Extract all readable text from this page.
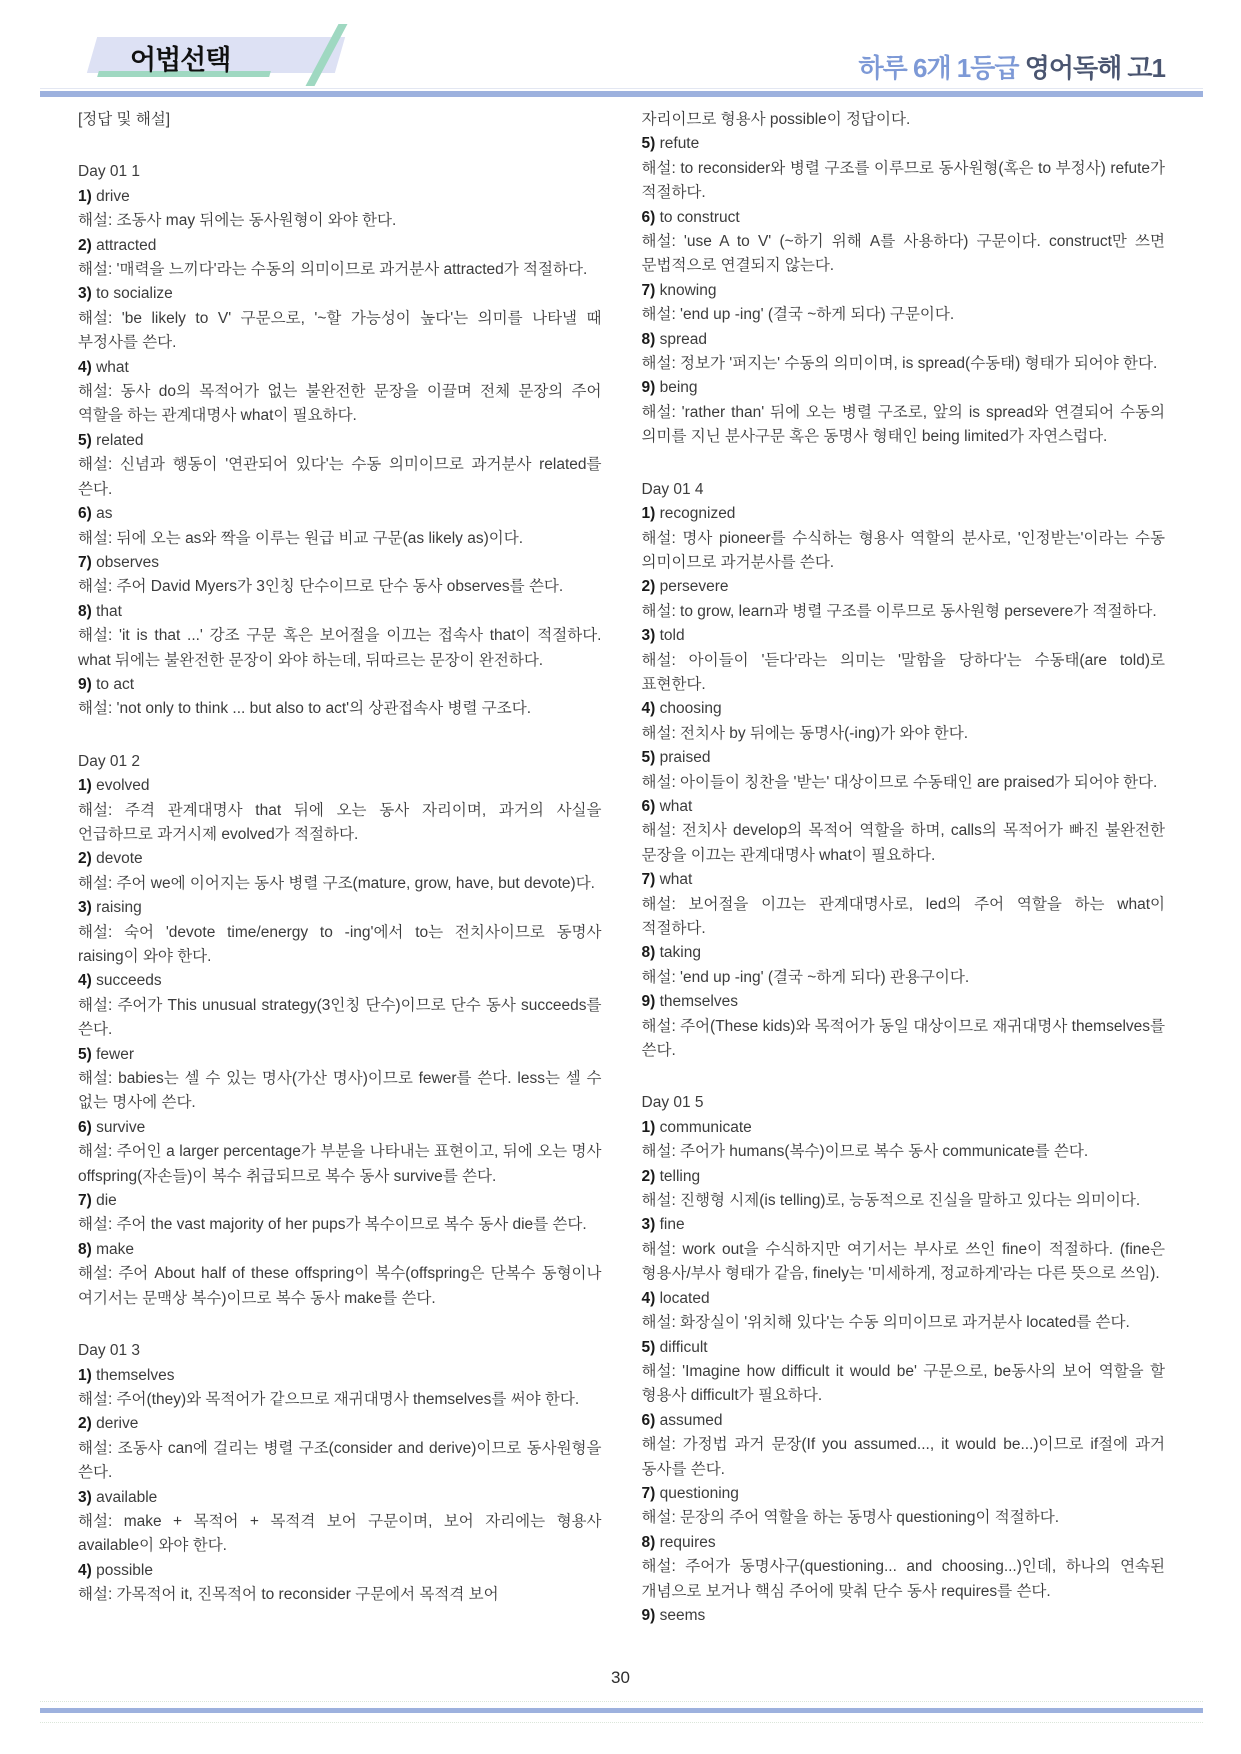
어법선택	하루 6개 1등급 영어독해 고1

[정답 및 해설]

Day 01 1

1) drive

해설: 조동사 may 뒤에는 동사원형이 와야 한다.

2) attracted

해설: '매력을 느끼다'라는 수동의 의미이므로 과거분사 attracted가 적절하다.

3) to socialize

해설: 'be likely to V' 구문으로, '~할 가능성이 높다'는 의미를 나타낼 때 부정사를 쓴다.

4) what

해설: 동사 do의 목적어가 없는 불완전한 문장을 이끌며 전체 문장의 주어 역할을 하는 관계대명사 what이 필요하다.

5) related

해설: 신념과 행동이 '연관되어 있다'는 수동 의미이므로 과거분사 related를 쓴다.

6) as

해설: 뒤에 오는 as와 짝을 이루는 원급 비교 구문(as likely as)이다.

7) observes

해설: 주어 David Myers가 3인칭 단수이므로 단수 동사 observes를 쓴다.

8) that

해설: 'it is that ...' 강조 구문 혹은 보어절을 이끄는 접속사 that이 적절하다. what 뒤에는 불완전한 문장이 와야 하는데, 뒤따르는 문장이 완전하다.

9) to act

해설: 'not only to think ... but also to act'의 상관접속사 병렬 구조다.

Day 01 2

1) evolved

해설: 주격 관계대명사 that 뒤에 오는 동사 자리이며, 과거의 사실을 언급하므로 과거시제 evolved가 적절하다.

2) devote

해설: 주어 we에 이어지는 동사 병렬 구조(mature, grow, have, but devote)다.

3) raising

해설: 숙어 'devote time/energy to -ing'에서 to는 전치사이므로 동명사 raising이 와야 한다.

4) succeeds

해설: 주어가 This unusual strategy(3인칭 단수)이므로 단수 동사 succeeds를 쓴다.

5) fewer

해설: babies는 셀 수 있는 명사(가산 명사)이므로 fewer를 쓴다. less는 셀 수 없는 명사에 쓴다.

6) survive

해설: 주어인 a larger percentage가 부분을 나타내는 표현이고, 뒤에 오는 명사 offspring(자손들)이 복수 취급되므로 복수 동사 survive를 쓴다.

7) die

해설: 주어 the vast majority of her pups가 복수이므로 복수 동사 die를 쓴다.

8) make

해설: 주어 About half of these offspring이 복수(offspring은 단복수 동형이나 여기서는 문맥상 복수)이므로 복수 동사 make를 쓴다.

Day 01 3

1) themselves

해설: 주어(they)와 목적어가 같으므로 재귀대명사 themselves를 써야 한다.

2) derive

해설: 조동사 can에 걸리는 병렬 구조(consider and derive)이므로 동사원형을 쓴다.

3) available

해설: make + 목적어 + 목적격 보어 구문이며, 보어 자리에는 형용사 available이 와야 한다.

4) possible

해설: 가목적어 it, 진목적어 to reconsider 구문에서 목적격 보어

자리이므로 형용사 possible이 정답이다.

5) refute

해설: to reconsider와 병렬 구조를 이루므로 동사원형(혹은 to 부정사) refute가 적절하다.

6) to construct

해설: 'use A to V' (~하기 위해 A를 사용하다) 구문이다. construct만 쓰면 문법적으로 연결되지 않는다.

7) knowing

해설: 'end up -ing' (결국 ~하게 되다) 구문이다.

8) spread

해설: 정보가 '퍼지는' 수동의 의미이며, is spread(수동태) 형태가 되어야 한다.

9) being

해설: 'rather than' 뒤에 오는 병렬 구조로, 앞의 is spread와 연결되어 수동의 의미를 지닌 분사구문 혹은 동명사 형태인 being limited가 자연스럽다.

Day 01 4

1) recognized

해설: 명사 pioneer를 수식하는 형용사 역할의 분사로, '인정받는'이라는 수동 의미이므로 과거분사를 쓴다.

2) persevere

해설: to grow, learn과 병렬 구조를 이루므로 동사원형 persevere가 적절하다.

3) told

해설: 아이들이 '듣다'라는 의미는 '말함을 당하다'는 수동태(are told)로 표현한다.

4) choosing

해설: 전치사 by 뒤에는 동명사(-ing)가 와야 한다.

5) praised

해설: 아이들이 칭찬을 '받는' 대상이므로 수동태인 are praised가 되어야 한다.

6) what

해설: 전치사 develop의 목적어 역할을 하며, calls의 목적어가 빠진 불완전한 문장을 이끄는 관계대명사 what이 필요하다.

7) what

해설: 보어절을 이끄는 관계대명사로, led의 주어 역할을 하는 what이 적절하다.

8) taking

해설: 'end up -ing' (결국 ~하게 되다) 관용구이다.

9) themselves

해설: 주어(These kids)와 목적어가 동일 대상이므로 재귀대명사 themselves를 쓴다.

Day 01 5

1) communicate

해설: 주어가 humans(복수)이므로 복수 동사 communicate를 쓴다.

2) telling

해설: 진행형 시제(is telling)로, 능동적으로 진실을 말하고 있다는 의미이다.

3) fine

해설: work out을 수식하지만 여기서는 부사로 쓰인 fine이 적절하다. (fine은 형용사/부사 형태가 같음, finely는 '미세하게, 정교하게'라는 다른 뜻으로 쓰임).

4) located

해설: 화장실이 '위치해 있다'는 수동 의미이므로 과거분사 located를 쓴다.

5) difficult

해설: 'Imagine how difficult it would be' 구문으로, be동사의 보어 역할을 할 형용사 difficult가 필요하다.

6) assumed

해설: 가정법 과거 문장(If you assumed..., it would be...)이므로 if절에 과거 동사를 쓴다.

7) questioning

해설: 문장의 주어 역할을 하는 동명사 questioning이 적절하다.

8) requires

해설: 주어가 동명사구(questioning... and choosing...)인데, 하나의 연속된 개념으로 보거나 핵심 주어에 맞춰 단수 동사 requires를 쓴다.

9) seems

30
